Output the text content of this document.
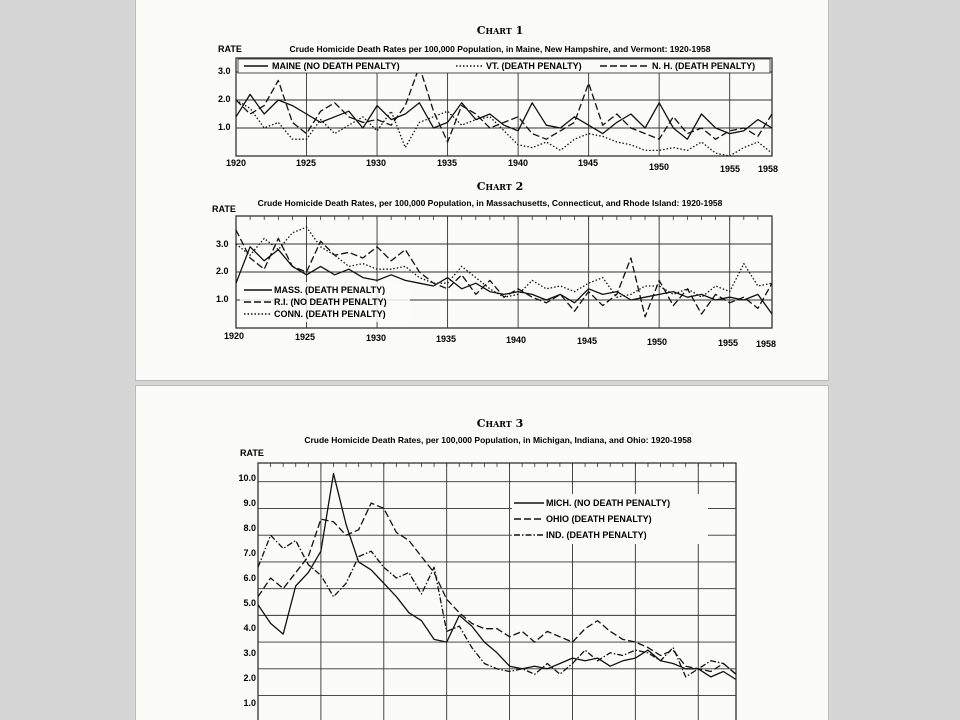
Chart 1
Crude Homicide Death Rates per 100,000 Population, in Maine, New Hampshire, and Vermont: 1920-1958
RATE
3.0
2.0
1.0
MAINE (NO DEATH PENALTY)	VT. (DEATH PENALTY)	N. H. (DEATH PENALTY)
1920	1925	1930	1935	1940	1945	1950	1955 1958
Chart 2
Crude Homicide Death Rates, per 100,000 Population, in Massachusetts, Connecticut, and Rhode Island: 1920-1958
RATE
3.0
2.0
1.0
MASS. (DEATH PENALTY)
R.I. (NO DEATH PENALTY)
CONN. (DEATH PENALTY)
1920	1925	1930	1935	1940	1945	1950	1955 1958
Chart 3
Crude Homicide Death Rates, per 100,000 Population, in Michigan, Indiana, and Ohio: 1920-1958
RATE
10.0
9.0
8.0
7.0
6.0
5.0
4.0
3.0
2.0
1.0
MICH. (NO DEATH PENALTY)
OHIO (DEATH PENALTY)
IND. (DEATH PENALTY)
